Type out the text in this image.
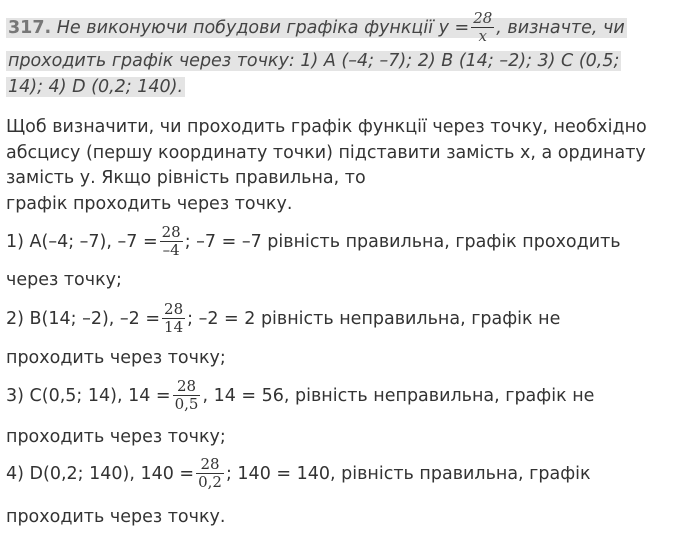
317. Не виконуючи побудови графіка функції $y = \frac{28}{x}$ , визначте, чи
проходить графік через точку: 1) А (–4; –7); 2) В (14; –2); 3) С (0,5;
14); 4) D (0,2; 140).
Щоб визначити, чи проходить графік функції через точку, необхідно
абсцису (першу координату точки) підставити замість х, а ординату
замість у. Якщо рівність правильна, то
графік проходить через точку.
1) A(–4; –7), $-7 = \frac{28}{-4}$ ; –7 = –7 рівність правильна, графік проходить
через точку;
2) B(14; –2), $-2 = \frac{28}{14}$ ; –2 = 2 рівність неправильна, графік не
проходить через точку;
3) C(0,5; 14), $14 = \frac{28}{0,5}$ , 14 = 56, рівність неправильна, графік не
проходить через точку;
4) D(0,2; 140), $140 = \frac{28}{0,2}$ ; 140 = 140, рівність правильна, графік
проходить через точку.
